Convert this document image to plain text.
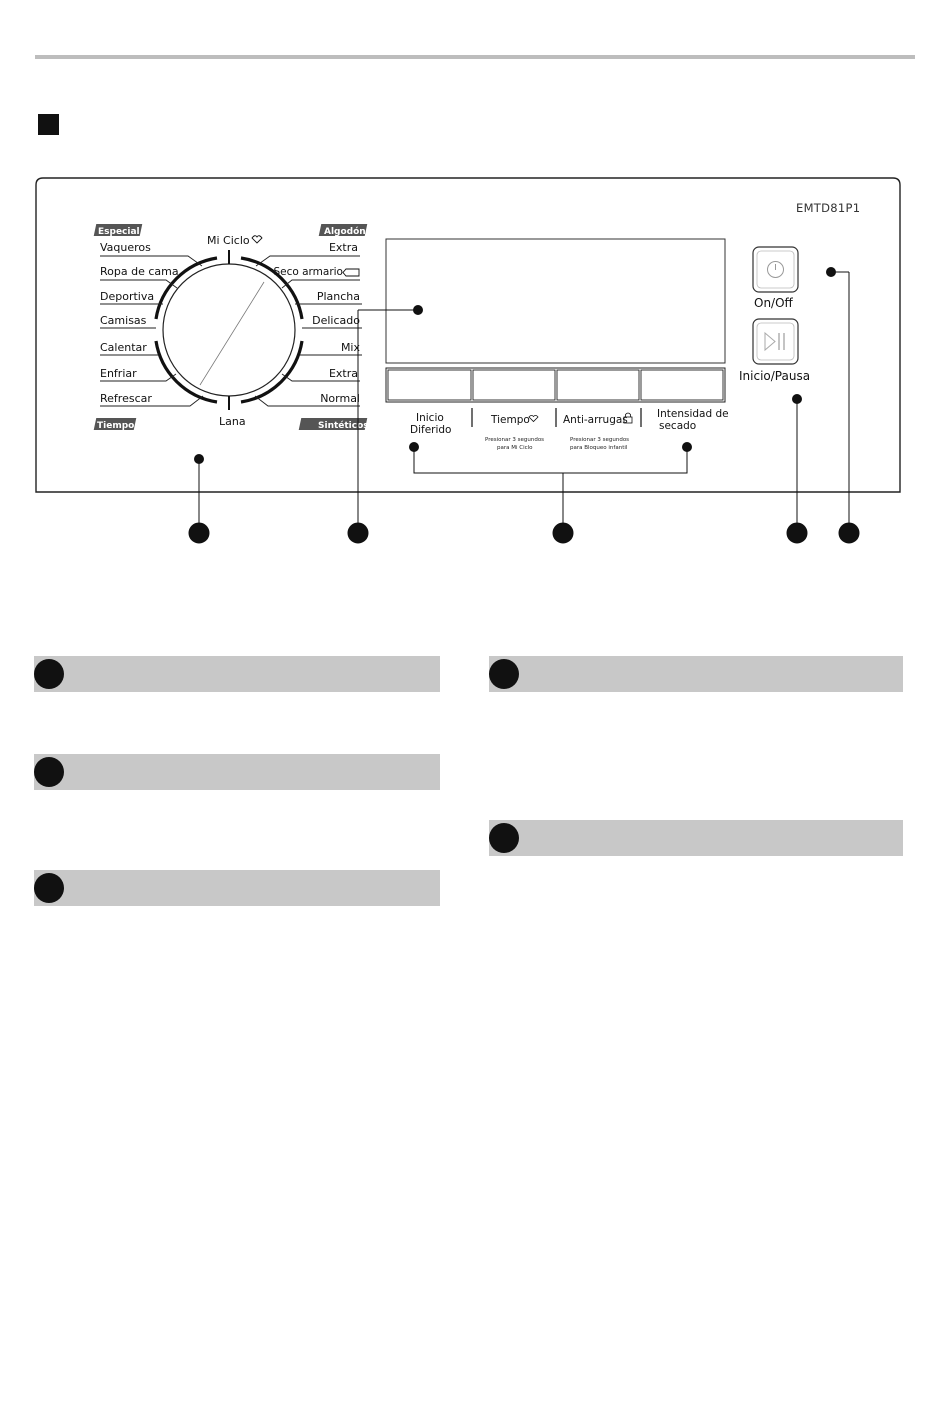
EMTD81P1
Especial	Algodón
Tiempo	Sintéticos
Mi Ciclo
Lana
Vaqueros
Ropa de cama
Deportiva
Camisas
Calentar
Enfriar
Refrescar
Extra
Seco armario
Plancha
Delicado
Mix
Extra
Normal
Inicio
Diferido
Tiempo
Presionar 3 segundos
para Mi Ciclo
Anti-arrugas
Presionar 3 segundos
para Bloqueo infantil
Intensidad de
secado
On/Off
Inicio/Pausa
